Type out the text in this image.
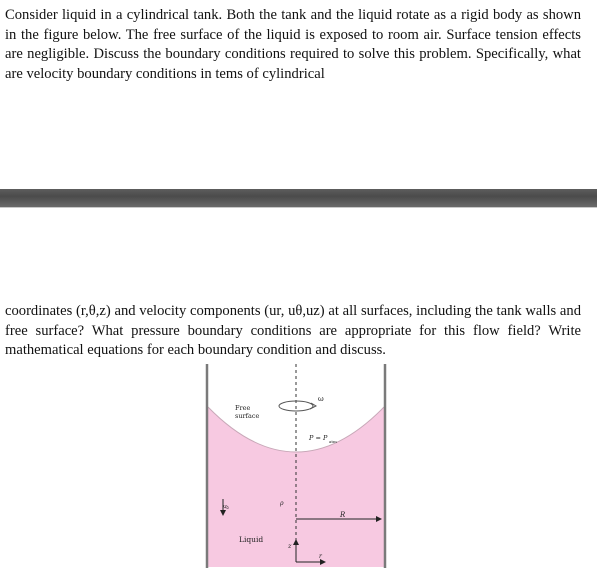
Consider liquid in a cylindrical tank. Both the tank and the liquid rotate as a rigid body as shown in the figure below. The free surface of the liquid is exposed to room air. Surface tension effects are negligible. Discuss the boundary conditions required to solve this problem. Specifically, what are velocity boundary conditions in tems of cylindrical

coordinates (r,θ,z) and velocity components (ur, uθ,uz) at all surfaces, including the tank walls and free surface? What pressure boundary conditions are appropriate for this flow field? Write mathematical equations for each boundary condition and discuss.

ω
Free
surface
P = P atm
g	ρ
R
Liquid
z
r
